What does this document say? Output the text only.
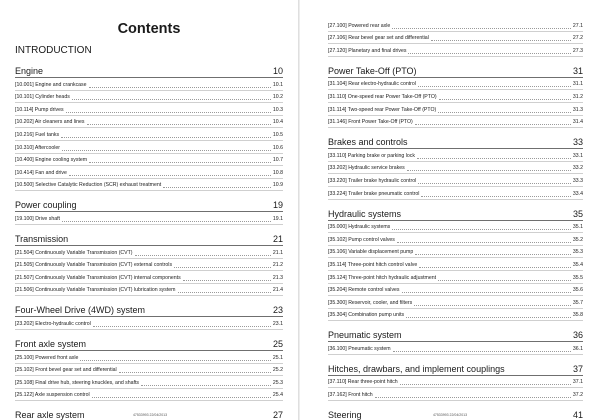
Contents
INTRODUCTION
Engine	10
[10.001] Engine and crankcase	10.1
[10.101] Cylinder heads	10.2
[10.114] Pump drives	10.3
[10.202] Air cleaners and lines	10.4
[10.216] Fuel tanks	10.5
[10.310] Aftercooler	10.6
[10.400] Engine cooling system	10.7
[10.414] Fan and drive	10.8
[10.500] Selective Catalytic Reduction (SCR) exhaust treatment	10.9
Power coupling	19
[19.100] Drive shaft	19.1
Transmission	21
[21.504] Continuously Variable Transmission (CVT)	21.1
[21.505] Continuously Variable Transmission (CVT) external controls	21.2
[21.507] Continuously Variable Transmission (CVT) internal components	21.3
[21.506] Continuously Variable Transmission (CVT) lubrication system	21.4
Four-Wheel Drive (4WD) system	23
[23.202] Electro-hydraulic control	23.1
Front axle system	25
[25.100] Powered front axle	25.1
[25.102] Front bevel gear set and differential	25.2
[25.108] Final drive hub, steering knuckles, and shafts	25.3
[25.122] Axle suspension control	25.4
Rear axle system	27
47533993 22/04/2013
[27.100] Powered rear axle	27.1
[27.106] Rear bevel gear set and differential	27.2
[27.120] Planetary and final drives	27.3
Power Take-Off (PTO)	31
[31.104] Rear electro-hydraulic control	31.1
[31.110] One-speed rear Power Take-Off (PTO)	31.2
[31.114] Two-speed rear Power Take-Off (PTO)	31.3
[31.146] Front Power Take-Off (PTO)	31.4
Brakes and controls	33
[33.110] Parking brake or parking lock	33.1
[33.202] Hydraulic service brakes	33.2
[33.220] Trailer brake hydraulic control	33.3
[33.224] Trailer brake pneumatic control	33.4
Hydraulic systems	35
[35.000] Hydraulic systems	35.1
[35.102] Pump control valves	35.2
[35.106] Variable displacement pump	35.3
[35.114] Three-point hitch control valve	35.4
[35.124] Three-point hitch hydraulic adjustment	35.5
[35.204] Remote control valves	35.6
[35.300] Reservoir, cooler, and filters	35.7
[35.304] Combination pump units	35.8
Pneumatic system	36
[36.100] Pneumatic system	36.1
Hitches, drawbars, and implement couplings	37
[37.110] Rear three-point hitch	37.1
[37.162] Front hitch	37.2
Steering	41
47533993 22/04/2013
